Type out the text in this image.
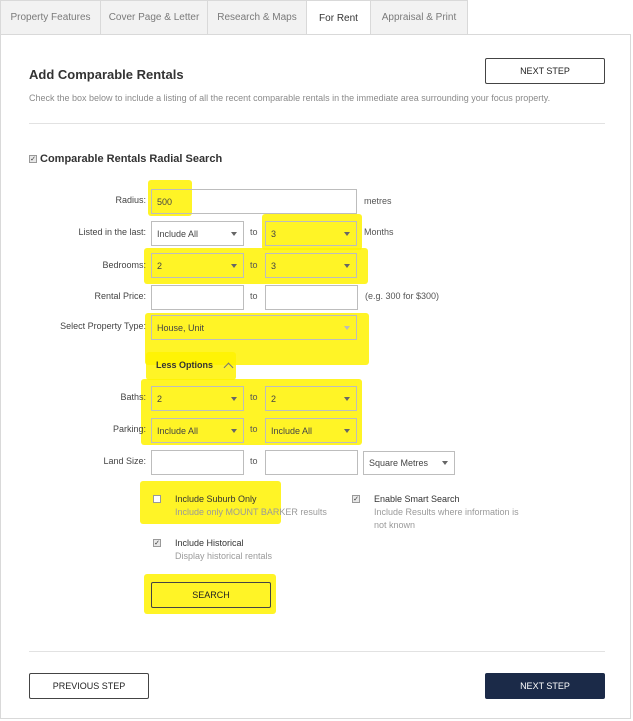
Property Features Cover Page & Letter Research & Maps For Rent Appraisal & Print
Add Comparable Rentals
Check the box below to include a listing of all the recent comparable rentals in the immediate area surrounding your focus property.
NEXT STEP
✓ Comparable Rentals Radial Search
Radius: 500	metres
Listed in the last: Include All	to 3	Months
Bedrooms: 2	to 3
Rental Price:	to	(e.g. 300 for $300)
Select Property Type: House, Unit
Less Options
Baths: 2	to 2
Parking: Include All	to Include All
Land Size:	to	Square Metres
Include Suburb Only
Include only MOUNT BARKER results
✓ Enable Smart Search
Include Results where information is
not known
✓ Include Historical
Display historical rentals
SEARCH
PREVIOUS STEP	NEXT STEP
